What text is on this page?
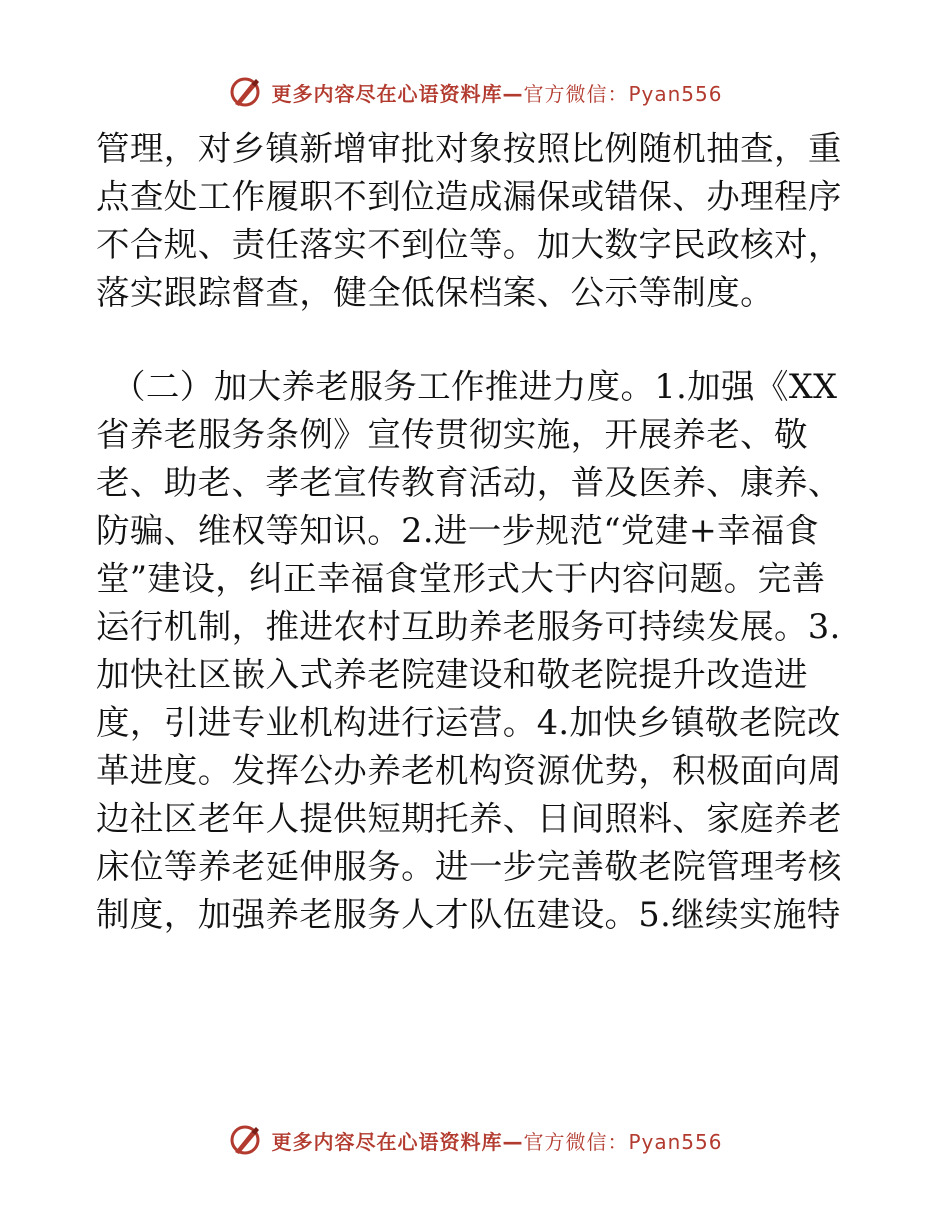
更多内容尽在心语资料库—官方微信：Pyan556
管理，对乡镇新增审批对象按照比例随机抽查，重
点查处工作履职不到位造成漏保或错保、办理程序
不合规、责任落实不到位等。加大数字民政核对，
落实跟踪督查，健全低保档案、公示等制度。
（二）加大养老服务工作推进力度。1.加强《XX
省养老服务条例》宣传贯彻实施，开展养老、敬
老、助老、孝老宣传教育活动，普及医养、康养、
防骗、维权等知识。2.进一步规范“党建+幸福食
堂”建设，纠正幸福食堂形式大于内容问题。完善
运行机制，推进农村互助养老服务可持续发展。3.
加快社区嵌入式养老院建设和敬老院提升改造进
度，引进专业机构进行运营。4.加快乡镇敬老院改
革进度。发挥公办养老机构资源优势，积极面向周
边社区老年人提供短期托养、日间照料、家庭养老
床位等养老延伸服务。进一步完善敬老院管理考核
制度，加强养老服务人才队伍建设。5.继续实施特
更多内容尽在心语资料库—官方微信：Pyan556
